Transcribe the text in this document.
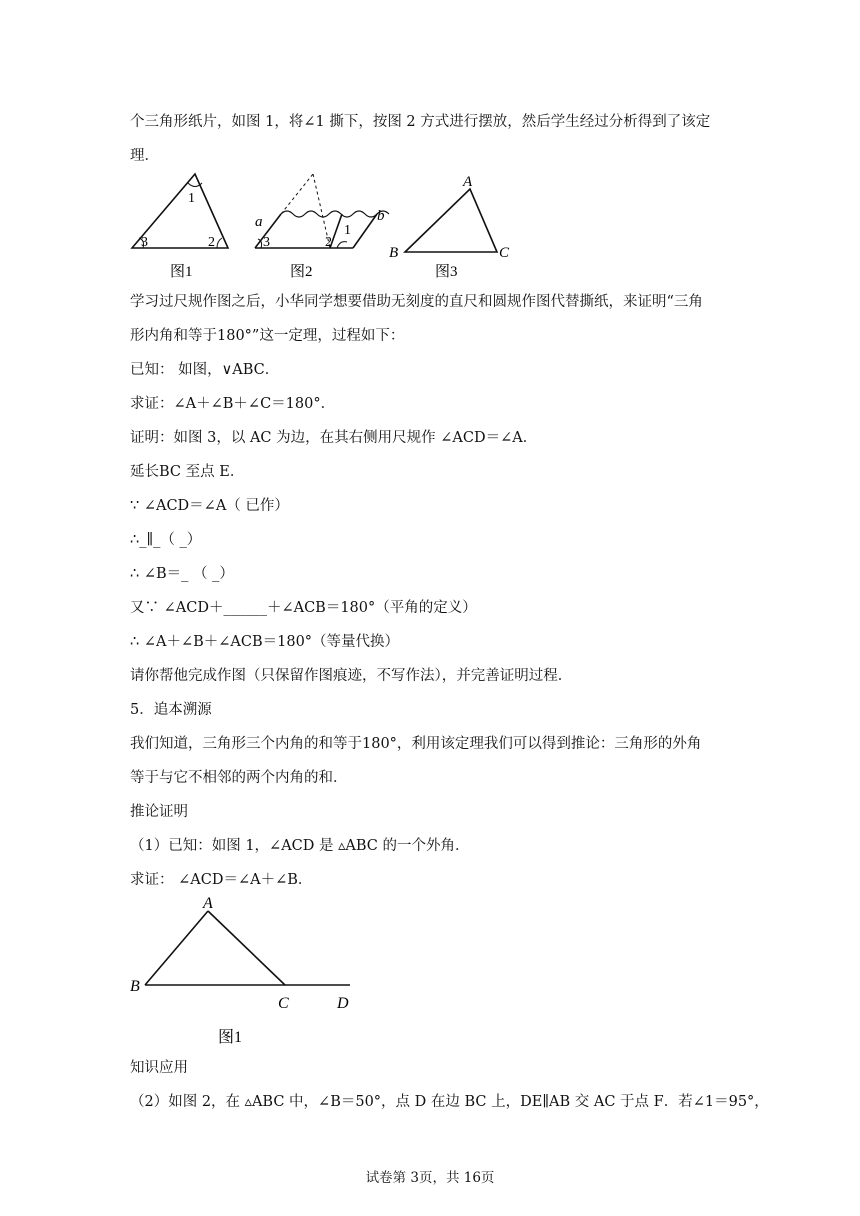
个三角形纸片，如图 1，将∠1 撕下，按图 2 方式进行摆放，然后学生经过分析得到了该定
理．
1
3	2
图1
a	b
3	2
1
图2
A
B	C
图3
学习过尺规作图之后，小华同学想要借助无刻度的直尺和圆规作图代替撕纸，来证明“三角
形内角和等于180°”这一定理，过程如下：
已知： 如图，∨ABC．
求证：∠A＋∠B＋∠C＝180°．
证明：如图 3，以 AC 为边，在其右侧用尺规作 ∠ACD＝∠A．
延长BC 至点 E．
∵ ∠ACD＝∠A（ 已作）
∴_∥_（ _）
∴ ∠B＝_ （ _）
又∵ ∠ACD＋______＋∠ACB＝180°（平角的定义）
∴ ∠A＋∠B＋∠ACB＝180°（等量代换）
请你帮他完成作图（只保留作图痕迹，不写作法），并完善证明过程．
5．追本溯源
我们知道，三角形三个内角的和等于180°，利用该定理我们可以得到推论：三角形的外角
等于与它不相邻的两个内角的和．
推论证明
（1）已知：如图 1，∠ACD 是 ▵ABC 的一个外角．
求证： ∠ACD＝∠A＋∠B．
A
B
C	D
图1
知识应用
（2）如图 2，在 ▵ABC 中，∠B＝50°，点 D 在边 BC 上，DE∥AB 交 AC 于点 F．若∠1＝95°，
试卷第 3页，共 16页
